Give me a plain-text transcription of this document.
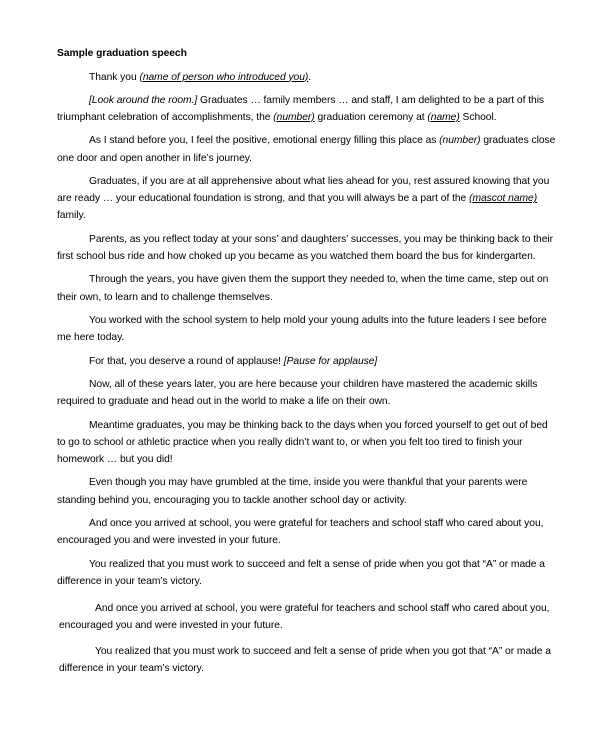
Sample graduation speech

Thank you (name of person who introduced you).

[Look around the room.] Graduates … family members … and staff, I am delighted to be a part of this triumphant celebration of accomplishments, the (number) graduation ceremony at (name) School.

As I stand before you, I feel the positive, emotional energy filling this place as (number) graduates close one door and open another in life’s journey.

Graduates, if you are at all apprehensive about what lies ahead for you, rest assured knowing that you are ready … your educational foundation is strong, and that you will always be a part of the (mascot name) family.

Parents, as you reflect today at your sons’ and daughters’ successes, you may be thinking back to their first school bus ride and how choked up you became as you watched them board the bus for kindergarten.

Through the years, you have given them the support they needed to, when the time came, step out on their own, to learn and to challenge themselves.

You worked with the school system to help mold your young adults into the future leaders I see before me here today.

For that, you deserve a round of applause! [Pause for applause]

Now, all of these years later, you are here because your children have mastered the academic skills required to graduate and head out in the world to make a life on their own.

Meantime graduates, you may be thinking back to the days when you forced yourself to get out of bed to go to school or athletic practice when you really didn’t want to, or when you felt too tired to finish your homework … but you did!

Even though you may have grumbled at the time, inside you were thankful that your parents were standing behind you, encouraging you to tackle another school day or activity.

And once you arrived at school, you were grateful for teachers and school staff who cared about you, encouraged you and were invested in your future.

You realized that you must work to succeed and felt a sense of pride when you got that “A” or made a difference in your team’s victory.

And once you arrived at school, you were grateful for teachers and school staff who cared about you, encouraged you and were invested in your future.

You realized that you must work to succeed and felt a sense of pride when you got that “A” or made a difference in your team’s victory.
